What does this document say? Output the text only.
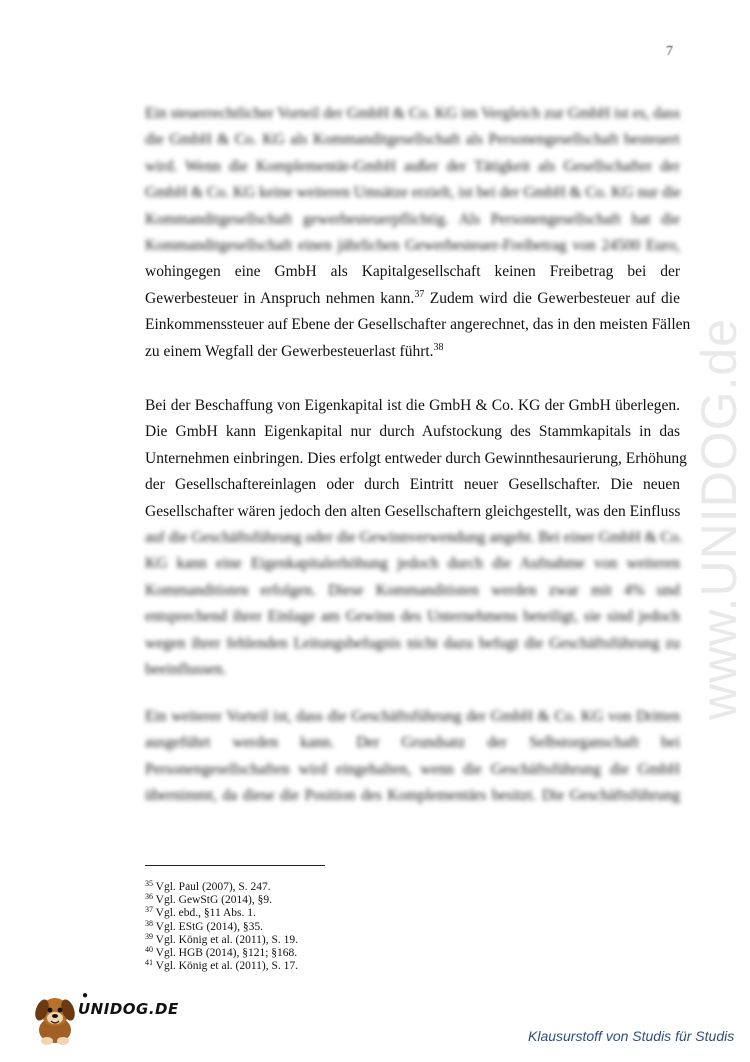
7
www.UNIDOG.de
Ein steuerrechtlicher Vorteil der GmbH & Co. KG im Vergleich zur GmbH ist es, dass
die GmbH & Co. KG als Kommanditgesellschaft als Personengesellschaft besteuert
wird. Wenn die Komplementär-GmbH außer der Tätigkeit als Gesellschafter der
GmbH & Co. KG keine weiteren Umsätze erzielt, ist bei der GmbH & Co. KG nur die
Kommanditgesellschaft gewerbesteuerpflichtig. Als Personengesellschaft hat die
Kommanditgesellschaft einen jährlichen Gewerbesteuer-Freibetrag von 24500 Euro,
wohingegen eine GmbH als Kapitalgesellschaft keinen Freibetrag bei der
Gewerbesteuer in Anspruch nehmen kann.$^{37}$ Zudem wird die Gewerbesteuer auf die
Einkommenssteuer auf Ebene der Gesellschafter angerechnet, das in den meisten Fällen
zu einem Wegfall der Gewerbesteuerlast führt.$^{38}$
Bei der Beschaffung von Eigenkapital ist die GmbH & Co. KG der GmbH überlegen.
Die GmbH kann Eigenkapital nur durch Aufstockung des Stammkapitals in das
Unternehmen einbringen. Dies erfolgt entweder durch Gewinnthesaurierung, Erhöhung
der Gesellschaftereinlagen oder durch Eintritt neuer Gesellschafter. Die neuen
Gesellschafter wären jedoch den alten Gesellschaftern gleichgestellt, was den Einfluss
auf die Geschäftsführung oder die Gewinnverwendung angeht. Bei einer GmbH & Co.
KG kann eine Eigenkapitalerhöhung jedoch durch die Aufnahme von weiteren
Kommanditisten erfolgen. Diese Kommanditisten werden zwar mit 4% und
entsprechend ihrer Einlage am Gewinn des Unternehmens beteiligt, sie sind jedoch
wegen ihrer fehlenden Leitungsbefugnis nicht dazu befugt die Geschäftsführung zu
beeinflussen.
Ein weiterer Vorteil ist, dass die Geschäftsführung der GmbH & Co. KG von Dritten
ausgeführt werden kann. Der Grundsatz der Selbstorganschaft bei
Personengesellschaften wird eingehalten, wenn die Geschäftsführung die GmbH
übernimmt, da diese die Position des Komplementärs besitzt. Die Geschäftsführung
$^{35}$ Vgl. Paul (2007), S. 247.
$^{36}$ Vgl. GewStG (2014), §9.
$^{37}$ Vgl. ebd., §11 Abs. 1.
$^{38}$ Vgl. EStG (2014), §35.
$^{39}$ Vgl. König et al. (2011), S. 19.
$^{40}$ Vgl. HGB (2014), §121; §168.
$^{41}$ Vgl. König et al. (2011), S. 17.
●
UNIDOG.DE
Klausurstoff von Studis für Studis
